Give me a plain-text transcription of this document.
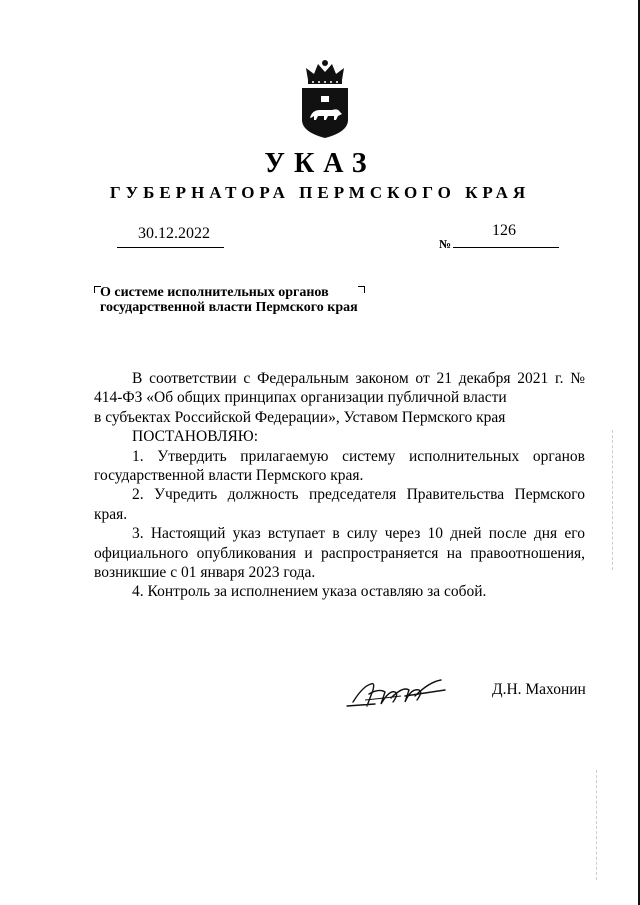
УКАЗ
ГУБЕРНАТОРА ПЕРМСКОГО КРАЯ
30.12.2022
№
126
О системе исполнительных органов
государственной власти Пермского края

В соответствии с Федеральным законом от 21 декабря 2021 г. № 414-ФЗ «Об общих принципах организации публичной власти

в субъектах Российской Федерации», Уставом Пермского края

ПОСТАНОВЛЯЮ:

1. Утвердить прилагаемую систему исполнительных органов государственной власти Пермского края.

2. Учредить должность председателя Правительства Пермского края.

3. Настоящий указ вступает в силу через 10 дней после дня его официального опубликования и распространяется на правоотношения, возникшие с 01 января 2023 года.

4. Контроль за исполнением указа оставляю за собой.

Д.Н. Махонин
